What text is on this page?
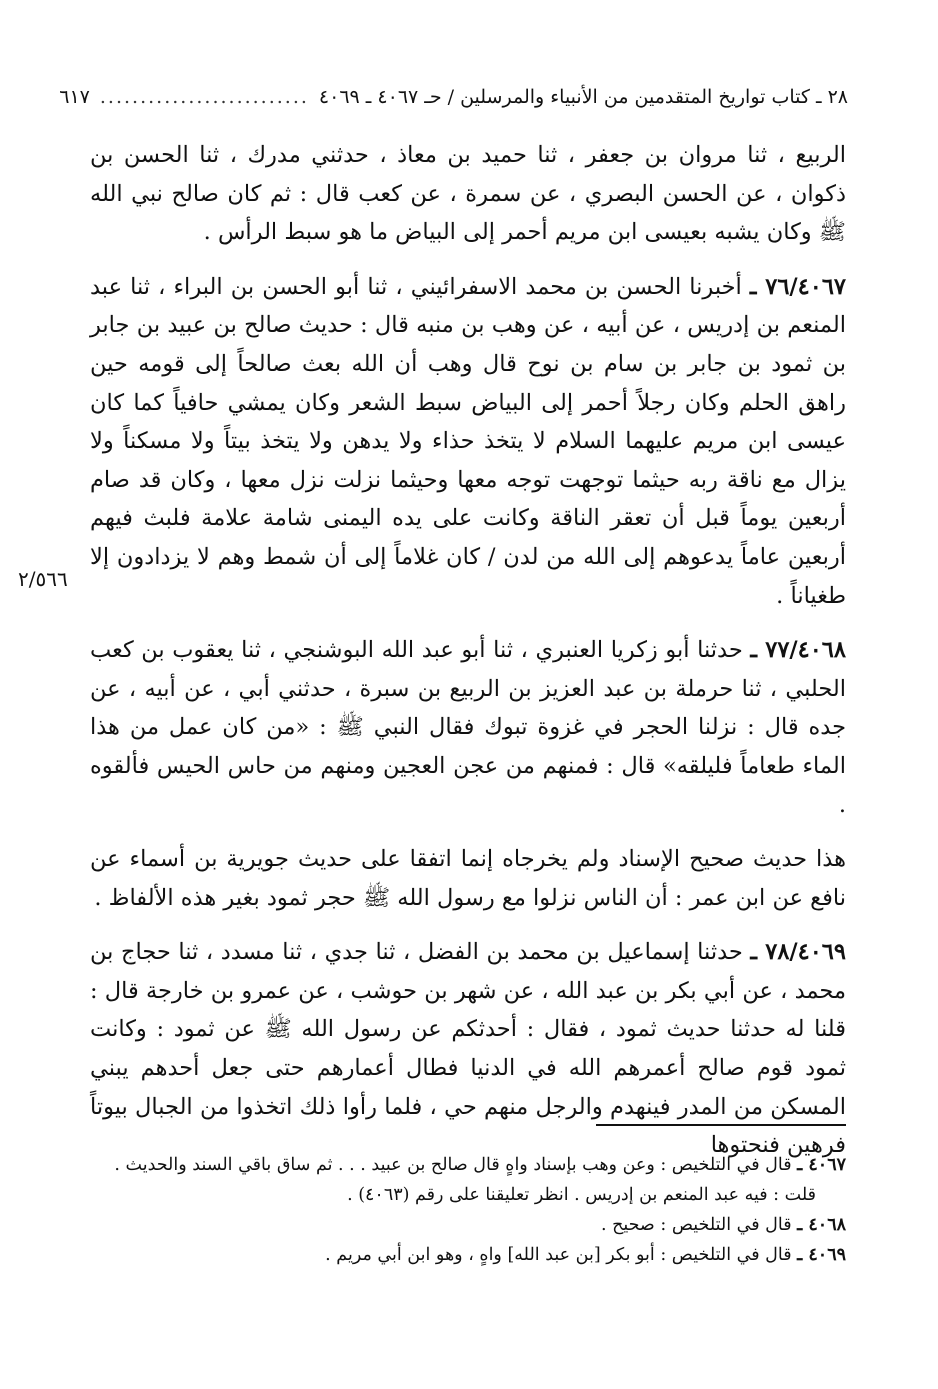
٢٨ ـ كتاب تواريخ المتقدمين من الأنبياء والمرسلين / حـ ٤٠٦٧ ـ ٤٠٦٩
..........................
٦١٧
٢/٥٦٦

الربيع ، ثنا مروان بن جعفر ، ثنا حميد بن معاذ ، حدثني مدرك ، ثنا الحسن بن ذكوان ، عن الحسن البصري ، عن سمرة ، عن كعب قال : ثم كان صالح نبي الله ﷺ وكان يشبه بعيسى ابن مريم أحمر إلى البياض ما هو سبط الرأس .

٧٦/٤٠٦٧ ـ أخبرنا الحسن بن محمد الاسفرائيني ، ثنا أبو الحسن بن البراء ، ثنا عبد المنعم بن إدريس ، عن أبيه ، عن وهب بن منبه قال : حديث صالح بن عبيد بن جابر بن ثمود بن جابر بن سام بن نوح قال وهب أن الله بعث صالحاً إلى قومه حين راهق الحلم وكان رجلاً أحمر إلى البياض سبط الشعر وكان يمشي حافياً كما كان عيسى ابن مريم عليهما السلام لا يتخذ حذاء ولا يدهن ولا يتخذ بيتاً ولا مسكناً ولا يزال مع ناقة ربه حيثما توجهت توجه معها وحيثما نزلت نزل معها ، وكان قد صام أربعين يوماً قبل أن تعقر الناقة وكانت على يده اليمنى شامة علامة فلبث فيهم أربعين عاماً يدعوهم إلى الله من لدن / كان غلاماً إلى أن شمط وهم لا يزدادون إلا طغياناً .

٧٧/٤٠٦٨ ـ حدثنا أبو زكريا العنبري ، ثنا أبو عبد الله البوشنجي ، ثنا يعقوب بن كعب الحلبي ، ثنا حرملة بن عبد العزيز بن الربيع بن سبرة ، حدثني أبي ، عن أبيه ، عن جده قال : نزلنا الحجر في غزوة تبوك فقال النبي ﷺ : «من كان عمل من هذا الماء طعاماً فليلقه» قال : فمنهم من عجن العجين ومنهم من حاس الحيس فألقوه .

هذا حديث صحيح الإسناد ولم يخرجاه إنما اتفقا على حديث جويرية بن أسماء عن نافع عن ابن عمر : أن الناس نزلوا مع رسول الله ﷺ حجر ثمود بغير هذه الألفاظ .

٧٨/٤٠٦٩ ـ حدثنا إسماعيل بن محمد بن الفضل ، ثنا جدي ، ثنا مسدد ، ثنا حجاج بن محمد ، عن أبي بكر بن عبد الله ، عن شهر بن حوشب ، عن عمرو بن خارجة قال : قلنا له حدثنا حديث ثمود ، فقال : أحدثكم عن رسول الله ﷺ عن ثمود : وكانت ثمود قوم صالح أعمرهم الله في الدنيا فطال أعمارهم حتى جعل أحدهم يبني المسكن من المدر فينهدم والرجل منهم حي ، فلما رأوا ذلك اتخذوا من الجبال بيوتاً فرهين فنحتوها

٤٠٦٧ ـ قال في التلخيص : وعن وهب بإسناد واهٍ قال صالح بن عبيد . . . ثم ساق باقي السند والحديث .

قلت : فيه عبد المنعم بن إدريس . انظر تعليقنا على رقم (٤٠٦٣) .

٤٠٦٨ ـ قال في التلخيص : صحيح .

٤٠٦٩ ـ قال في التلخيص : أبو بكر [بن عبد الله] واهٍ ، وهو ابن أبي مريم .
